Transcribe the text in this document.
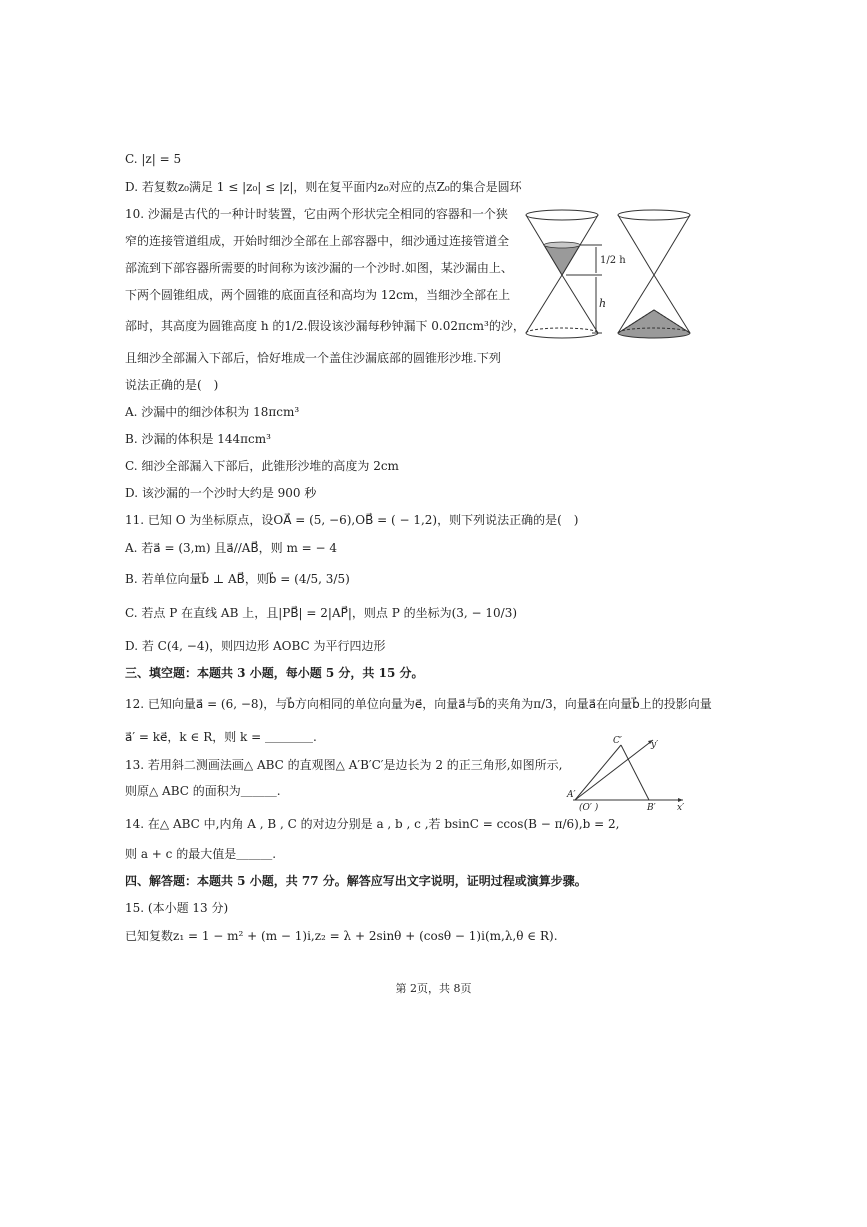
C. |z| = 5
D. 若复数z₀满足 1 ≤ |z₀| ≤ |z|，则在复平面内z₀对应的点Z₀的集合是圆环
10. 沙漏是古代的一种计时装置，它由两个形状完全相同的容器和一个狭
窄的连接管道组成，开始时细沙全部在上部容器中，细沙通过连接管道全
部流到下部容器所需要的时间称为该沙漏的一个沙时.如图，某沙漏由上、
下两个圆锥组成，两个圆锥的底面直径和高均为 12cm，当细沙全部在上
部时，其高度为圆锥高度 h 的1/2.假设该沙漏每秒钟漏下 0.02πcm³的沙，
且细沙全部漏入下部后，恰好堆成一个盖住沙漏底部的圆锥形沙堆.下列
说法正确的是(　)
A. 沙漏中的细沙体积为 18πcm³
B. 沙漏的体积是 144πcm³
C. 细沙全部漏入下部后，此锥形沙堆的高度为 2cm
D. 该沙漏的一个沙时大约是 900 秒
11. 已知 O 为坐标原点，设OA⃗ = (5, −6),OB⃗ = ( − 1,2)，则下列说法正确的是(　)
A. 若a⃗ = (3,m) 且a⃗//AB⃗，则 m = − 4
B. 若单位向量b⃗ ⊥ AB⃗，则b⃗ = (4/5, 3/5)
C. 若点 P 在直线 AB 上，且|PB⃗| = 2|AP⃗|，则点 P 的坐标为(3, − 10/3)
D. 若 C(4, −4)，则四边形 AOBC 为平行四边形
三、填空题：本题共 3 小题，每小题 5 分，共 15 分。
12. 已知向量a⃗ = (6, −8)，与b⃗方向相同的单位向量为e⃗，向量a⃗与b⃗的夹角为π/3，向量a⃗在向量b⃗上的投影向量
a⃗′ = ke⃗，k ∈ R，则 k = ＿＿＿＿.
13. 若用斜二测画法画△ ABC 的直观图△ A′B′C′是边长为 2 的正三角形,如图所示,
则原△ ABC 的面积为＿＿＿.
14. 在△ ABC 中,内角 A , B , C 的对边分别是 a , b , c ,若 bsinC = ccos(B − π/6),b = 2,
则 a + c 的最大值是＿＿＿.
四、解答题：本题共 5 小题，共 77 分。解答应写出文字说明，证明过程或演算步骤。
15. (本小题 13 分)
已知复数z₁ = 1 − m² + (m − 1)i,z₂ = λ + 2sinθ + (cosθ − 1)i(m,λ,θ ∈ R).
1/2 h
h
C′	y′
A′
(O′ )	B′ x′
第 2页，共 8页
